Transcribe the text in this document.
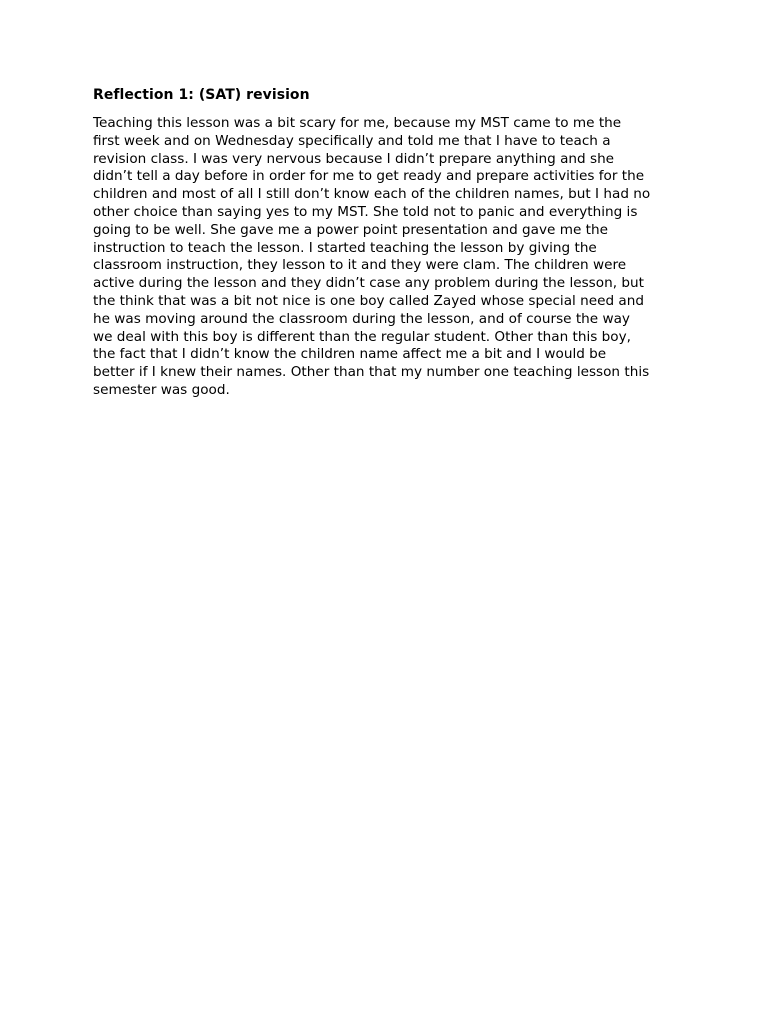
Reflection 1: (SAT) revision
Teaching this lesson was a bit scary for me, because my MST came to me the
first week and on Wednesday specifically and told me that I have to teach a
revision class. I was very nervous because I didn’t prepare anything and she
didn’t tell a day before in order for me to get ready and prepare activities for the
children and most of all I still don’t know each of the children names, but I had no
other choice than saying yes to my MST. She told not to panic and everything is
going to be well. She gave me a power point presentation and gave me the
instruction to teach the lesson. I started teaching the lesson by giving the
classroom instruction, they lesson to it and they were clam. The children were
active during the lesson and they didn’t case any problem during the lesson, but
the think that was a bit not nice is one boy called Zayed whose special need and
he was moving around the classroom during the lesson, and of course the way
we deal with this boy is different than the regular student. Other than this boy,
the fact that I didn’t know the children name affect me a bit and I would be
better if I knew their names. Other than that my number one teaching lesson this
semester was good.
